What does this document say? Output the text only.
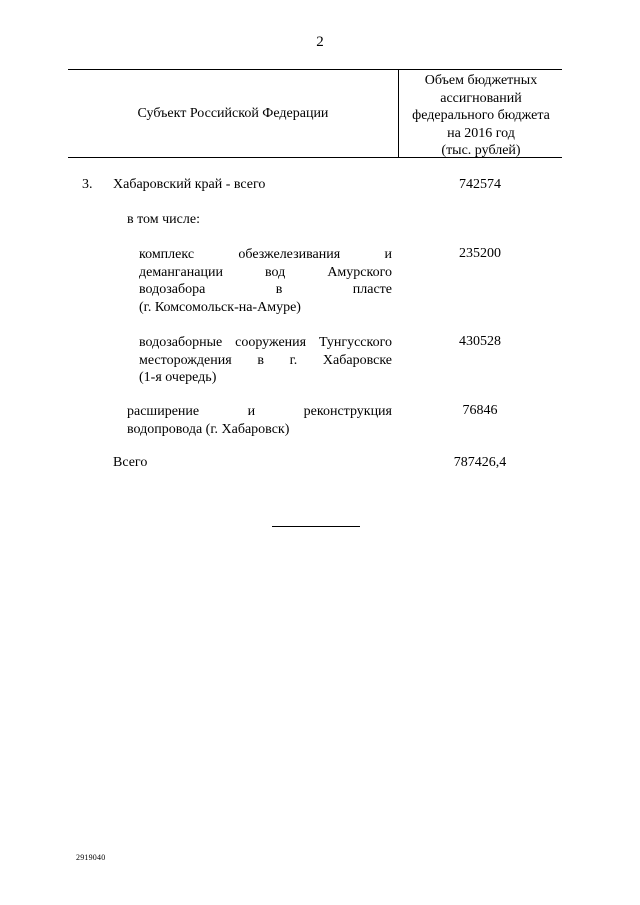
2
Субъект Российской Федерации
Объем бюджетных
ассигнований
федерального бюджета
на 2016 год
(тыс. рублей)
3. Хабаровский край - всего	742574
в том числе:
комплекс обезжелезивания и
деманганации вод Амурского
водозабора в пласте
(г. Комсомольск-на-Амуре)
235200
водозаборные сооружения Тунгусского
месторождения в г. Хабаровске
(1-я очередь)
430528
расширение и реконструкция
водопровода (г. Хабаровск)
76846
Всего	787426,4
2919040
